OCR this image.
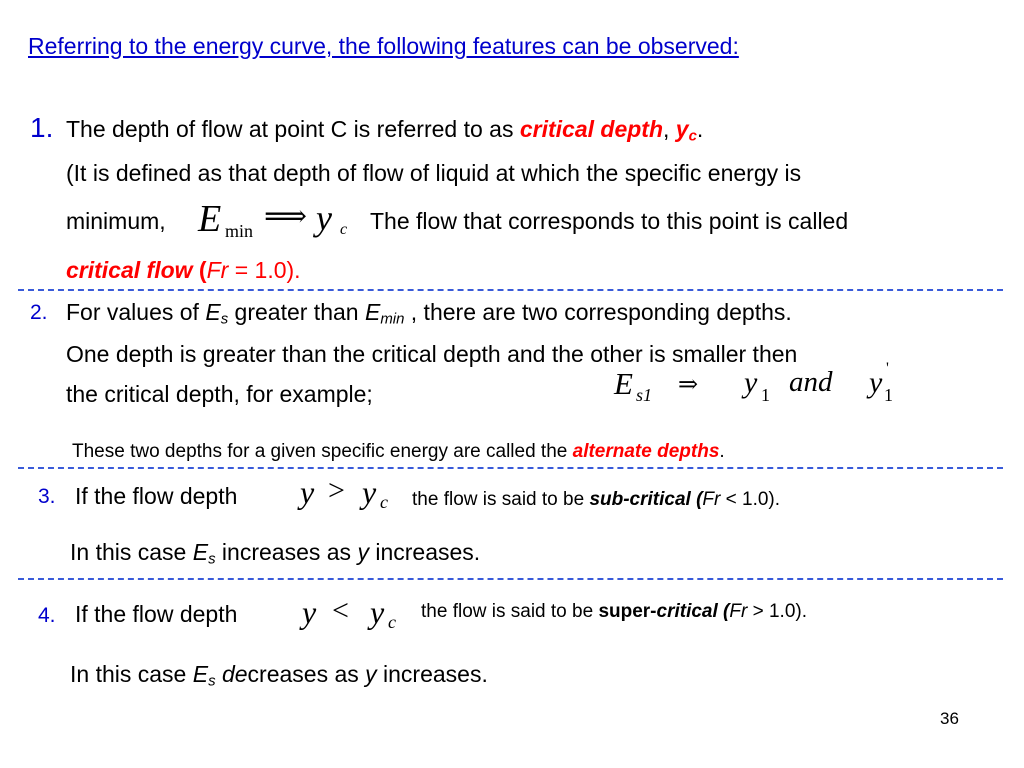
Referring to the energy curve, the following features can be observed:
1. The depth of flow at point C is referred to as critical depth, $y_c$.
(It is defined as that depth of flow of liquid at which the specific energy is
minimum, E min ⟹ y c The flow that corresponds to this point is called
critical flow (Fr = 1.0).
2. For values of $E_s$ greater than $E_{min}$ , there are two corresponding depths.
One depth is greater than the critical depth and the other is smaller then
the critical depth, for example;	E s1 ⇒ y 1 and y '
1
These two depths for a given specific energy are called the alternate depths.
3. If the flow depth y > y c the flow is said to be sub-critical (Fr < 1.0).
In this case $E_s$ increases as y increases.
4. If the flow depth y < y c the flow is said to be super-critical (Fr > 1.0).
In this case $E_s$ decreases as y increases.
36
